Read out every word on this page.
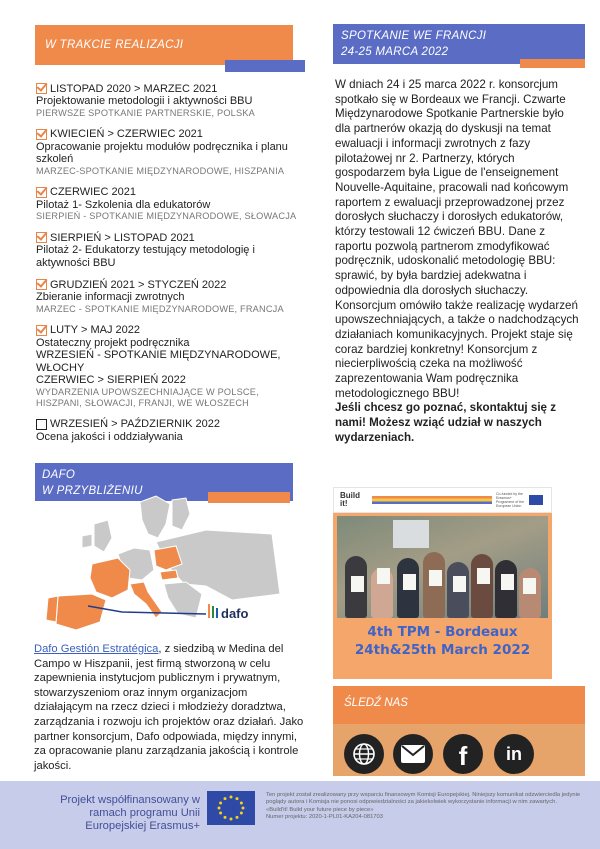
W TRAKCIE REALIZACJI
LISTOPAD 2020 > MARZEC 2021
Projektowanie metodologii i aktywności BBU
PIERWSZE SPOTKANIE PARTNERSKIE, POLSKA
KWIECIEŃ > CZERWIEC 2021
Opracowanie projektu modułów podręcznika i planu szkoleń
MARZEC-SPOTKANIE MIĘDZYNARODOWE, HISZPANIA
CZERWIEC 2021
Pilotaż 1- Szkolenia dla edukatorów
SIERPIEŃ - SPOTKANIE MIĘDZYNARODOWE, SŁOWACJA
SIERPIEŃ > LISTOPAD 2021
Pilotaż 2- Edukatorzy testujący metodologię i aktywności BBU
GRUDZIEŃ 2021 > STYCZEŃ 2022
Zbieranie informacji zwrotnych
MARZEC - SPOTKANIE MIĘDZYNARODOWE, FRANCJA
LUTY > MAJ 2022
Ostateczny projekt podręcznika
WRZESIEŃ - SPOTKANIE MIĘDZYNARODOWE, WŁOCHY
CZERWIEC > SIERPIEŃ 2022
WYDARZENIA UPOWSZECHNIAJĄCE W POLSCE, HISZPANI, SŁOWACJI, FRANJI, WE WŁOSZECH
WRZESIEŃ > PAŹDZIERNIK 2022
Ocena jakości i oddziaływania
SPOTKANIE WE FRANCJI
24-25 MARCA 2022

W dniach 24 i 25 marca 2022 r. konsorcjum spotkało się w Bordeaux we Francji. Czwarte Międzynarodowe Spotkanie Partnerskie było dla partnerów okazją do dyskusji na temat ewaluacji i informacji zwrotnych z fazy pilotażowej nr 2. Partnerzy, których gospodarzem była Ligue de l'enseignement Nouvelle-Aquitaine, pracowali nad końcowym raportem z ewaluacji przeprowadzonej przez dorosłych słuchaczy i dorosłych edukatorów, którzy testowali 12 ćwiczeń BBU. Dane z raportu pozwolą partnerom zmodyfikować podręcznik, udoskonalić metodologię BBU: sprawić, by była bardziej adekwatna i odpowiednia dla dorosłych słuchaczy. Konsorcjum omówiło także realizację wydarzeń upowszechniających, a także o nadchodzących działaniach komunikacyjnych. Projekt staje się coraz bardziej konkretny! Konsorcjum z niecierpliwością czeka na możliwość zaprezentowania Wam podręcznika metodologicznego BBU!

Jeśli chcesz go poznać, skontaktuj się z nami! Możesz wziąć udział w naszych wydarzeniach.

Build it!
Co-funded by the Erasmus+ Programme of the European Union
4th TPM - Bordeaux
24th&25th March 2022
ŚLEDŹ NAS
f in
DAFO
W PRZYBLIŻENIU
dafo
Dafo Gestión Estratégica, z siedzibą w Medina del Campo w Hiszpanii, jest firmą stworzoną w celu zapewnienia instytucjom publicznym i prywatnym, stowarzyszeniom oraz innym organizacjom działającym na rzecz dzieci i młodzieży doradztwa, zarządzania i rozwoju ich projektów oraz działań. Jako partner konsorcjum, Dafo odpowiada, między innymi, za opracowanie planu zarządzania jakością i kontrole jakości.
Projekt współfinansowany w ramach programu Unii Europejskiej Erasmus+
Ten projekt został zrealizowany przy wsparciu finansowym Komisji Europejskiej. Niniejszy komunikat odzwierciedla jedynie poglądy autora i Komisja nie ponosi odpowiedzialności za jakiekolwiek wykorzystanie informacji w nim zawartych.
«Build'it! Build your future piece by piece»
Numer projektu: 2020-1-PL01-KA204-081703
